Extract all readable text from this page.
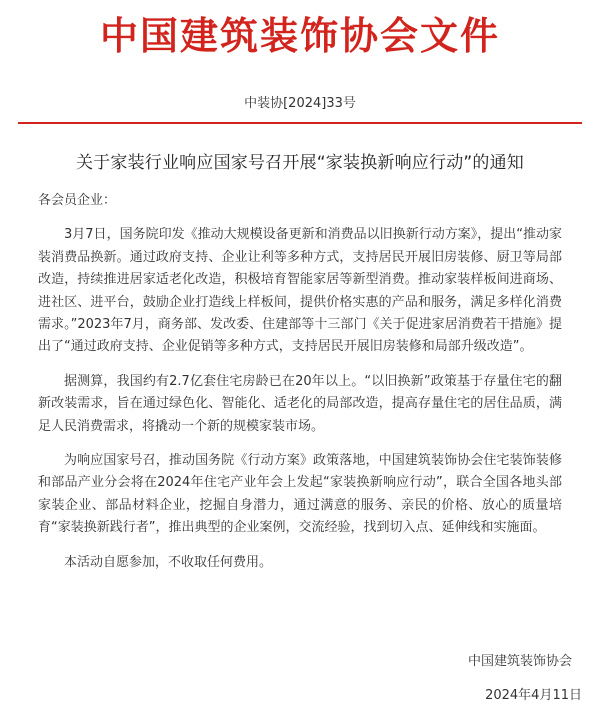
中国建筑装饰协会文件
中装协[2024]33号
关于家装行业响应国家号召开展“家装换新响应行动”的通知

各会员企业：

3月7日，国务院印发《推动大规模设备更新和消费品以旧换新行动方案》，提出“推动家装消费品换新。通过政府支持、企业让利等多种方式，支持居民开展旧房装修、厨卫等局部改造，持续推进居家适老化改造，积极培育智能家居等新型消费。推动家装样板间进商场、进社区、进平台，鼓励企业打造线上样板间，提供价格实惠的产品和服务，满足多样化消费需求。”2023年7月，商务部、发改委、住建部等十三部门《关于促进家居消费若干措施》提出了“通过政府支持、企业促销等多种方式，支持居民开展旧房装修和局部升级改造”。

据测算，我国约有2.7亿套住宅房龄已在20年以上。“以旧换新”政策基于存量住宅的翻新改装需求，旨在通过绿色化、智能化、适老化的局部改造，提高存量住宅的居住品质，满足人民消费需求，将撬动一个新的规模家装市场。

为响应国家号召，推动国务院《行动方案》政策落地，中国建筑装饰协会住宅装饰装修和部品产业分会将在2024年住宅产业年会上发起“家装换新响应行动”，联合全国各地头部家装企业、部品材料企业，挖掘自身潜力，通过满意的服务、亲民的价格、放心的质量培育“家装换新践行者”，推出典型的企业案例，交流经验，找到切入点、延伸线和实施面。

本活动自愿参加，不收取任何费用。

中国建筑装饰协会
2024年4月11日
